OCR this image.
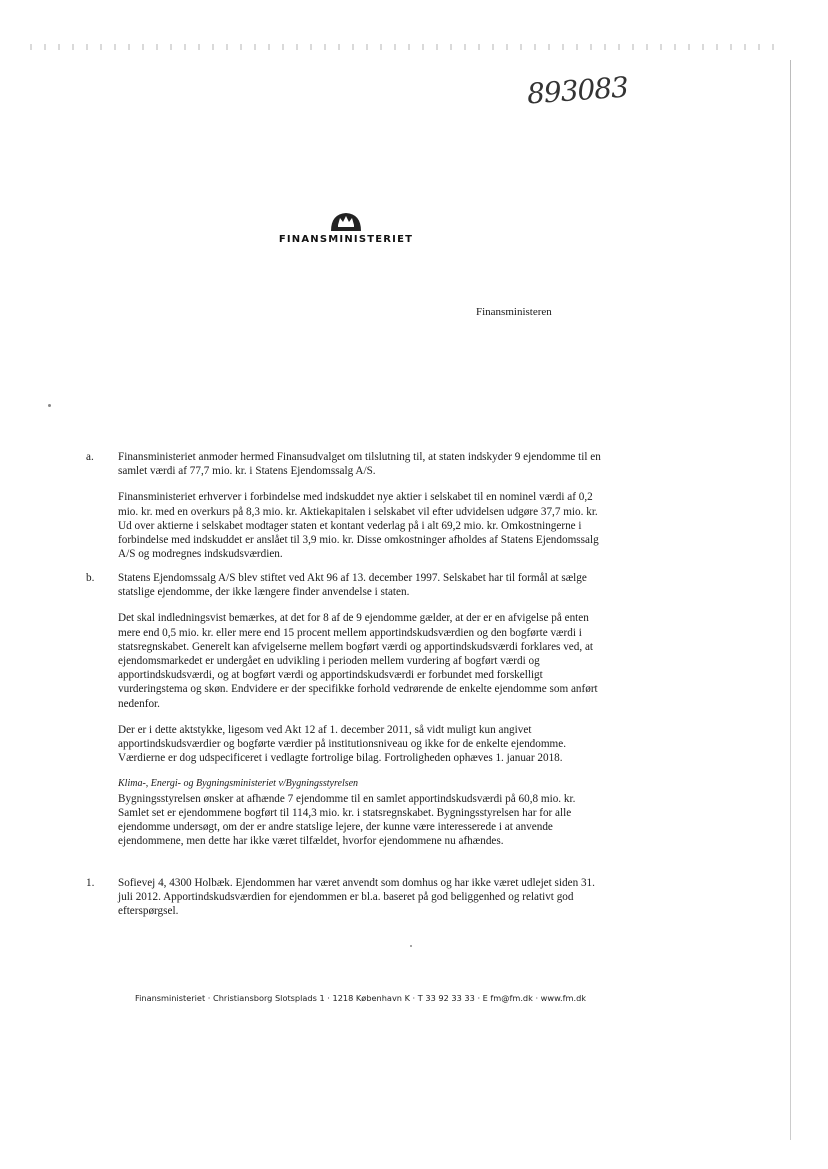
893083
FINANSMINISTERIET
Finansministeren
a.	Finansministeriet anmoder hermed Finansudvalget om tilslutning til, at staten indskyder 9 ejendomme til en samlet værdi af 77,7 mio. kr. i Statens Ejendomssalg A/S.

Finansministeriet erhverver i forbindelse med indskuddet nye aktier i selskabet til en nominel værdi af 0,2 mio. kr. med en overkurs på 8,3 mio. kr. Aktiekapitalen i selskabet vil efter udvidelsen udgøre 37,7 mio. kr. Ud over aktierne i selskabet modtager staten et kontant vederlag på i alt 69,2 mio. kr. Omkostningerne i forbindelse med indskuddet er anslået til 3,9 mio. kr. Disse omkostninger afholdes af Statens Ejendomssalg A/S og modregnes indskudsværdien.

b.	Statens Ejendomssalg A/S blev stiftet ved Akt 96 af 13. december 1997. Selskabet har til formål at sælge statslige ejendomme, der ikke længere finder anvendelse i staten.

Det skal indledningsvist bemærkes, at det for 8 af de 9 ejendomme gælder, at der er en afvigelse på enten mere end 0,5 mio. kr. eller mere end 15 procent mellem apportindskudsværdien og den bogførte værdi i statsregnskabet. Generelt kan afvigelserne mellem bogført værdi og apportindskudsværdi forklares ved, at ejendomsmarkedet er undergået en udvikling i perioden mellem vurdering af bogført værdi og apportindskudsværdi, og at bogført værdi og apportindskudsværdi er forbundet med forskelligt vurderingstema og skøn. Endvidere er der specifikke forhold vedrørende de enkelte ejendomme som anført nedenfor.

Der er i dette aktstykke, ligesom ved Akt 12 af 1. december 2011, så vidt muligt kun angivet apportindskudsværdier og bogførte værdier på institutionsniveau og ikke for de enkelte ejendomme. Værdierne er dog udspecificeret i vedlagte fortrolige bilag. Fortroligheden ophæves 1. januar 2018.

Klima-, Energi- og Bygningsministeriet v/Bygningsstyrelsen

Bygningsstyrelsen ønsker at afhænde 7 ejendomme til en samlet apportindskudsværdi på 60,8 mio. kr. Samlet set er ejendommene bogført til 114,3 mio. kr. i statsregnskabet. Bygningsstyrelsen har for alle ejendomme undersøgt, om der er andre statslige lejere, der kunne være interesserede i at anvende ejendommene, men dette har ikke været tilfældet, hvorfor ejendommene nu afhændes.

1.	Sofievej 4, 4300 Holbæk. Ejendommen har været anvendt som domhus og har ikke været udlejet siden 31. juli 2012. Apportindskudsværdien for ejendommen er bl.a. baseret på god beliggenhed og relativt god efterspørgsel.

Finansministeriet · Christiansborg Slotsplads 1 · 1218 København K · T 33 92 33 33 · E fm@fm.dk · www.fm.dk
